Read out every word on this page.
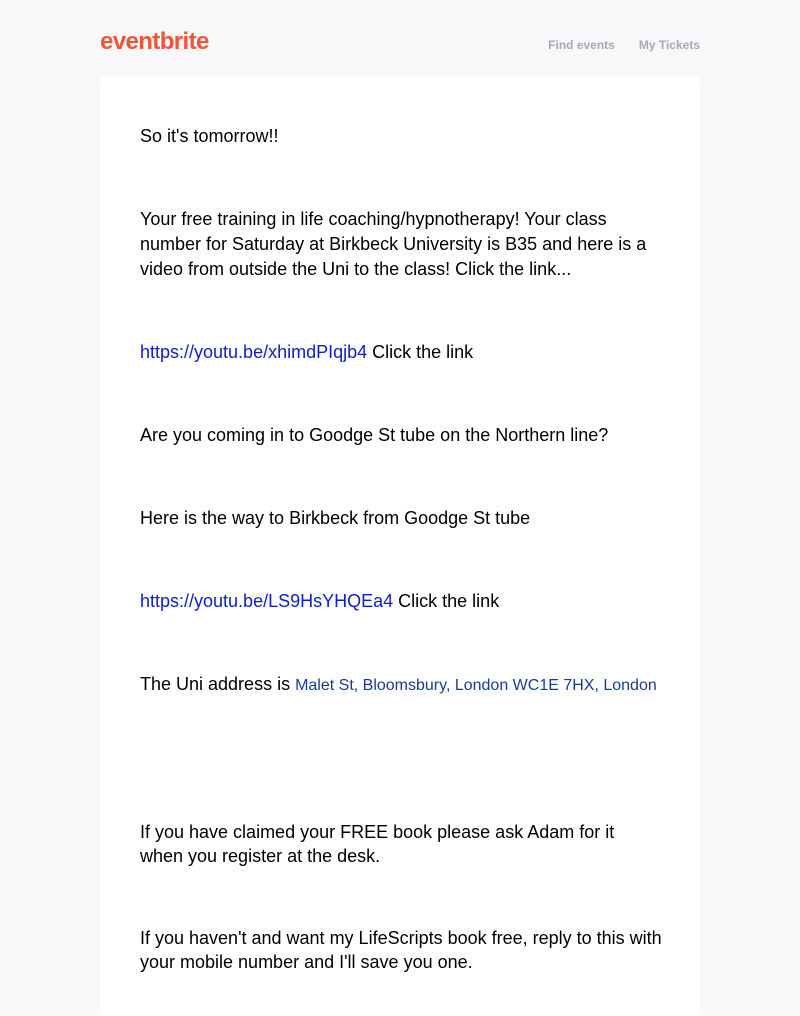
eventbrite	Find events My Tickets

So it's tomorrow!!

Your free training in life coaching/hypnotherapy! Your class number for Saturday at Birkbeck University is B35 and here is a video from outside the Uni to the class! Click the link...

https://youtu.be/xhimdPIqjb4 Click the link

Are you coming in to Goodge St tube on the Northern line?

Here is the way to Birkbeck from Goodge St tube

https://youtu.be/LS9HsYHQEa4 Click the link

The Uni address is Malet St, Bloomsbury, London WC1E 7HX, London

If you have claimed your FREE book please ask Adam for it when you register at the desk.

If you haven't and want my LifeScripts book free, reply to this with your mobile number and I'll save you one.
